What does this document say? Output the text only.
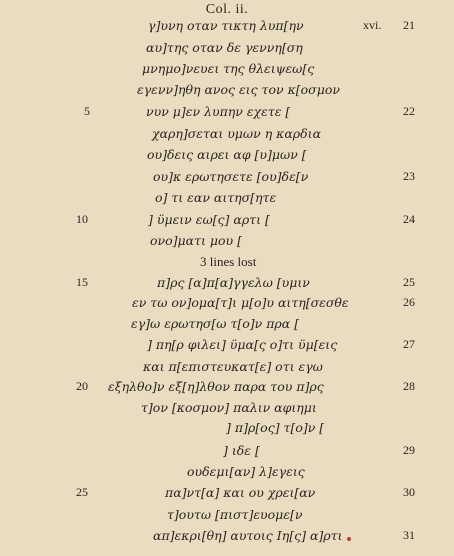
Col. ii.
γ]υνη οταν τικτη λυπ[ην	xvi.	21
αυ]της οταν δε γεννη[ση
μνημο]νευει της θλειψεω[ς
εγενν]ηθη ανος εις τον κ[οσμον
5	νυν μ]εν λυπην εχετε [	22
χαρη]σεται υμων η καρδια
ου]δεις αιρει αφ [υ]μων [
ου]κ ερωτησετε [ου]δε[ν	23
ο] τι εαν αιτησ[ητε
10	] ϋμειν εω[ς] αρτι [	24
ονο]ματι μου [
3 lines lost
15	π]ρς [α]π[α]γγελω [υμιν	25
εν τω ον]ομα[τ]ι μ[ο]υ αιτη[σεσθε	26
εγ]ω ερωτησ[ω τ[ο]ν πρα [
] πη[ρ φιλει] ϋμα[ς ο]τι ϋμ[εις	27
και π[επιστευκατ[ε] οτι εγω
20	εξηλθο]ν εξ[η]λθον παρα του π]ρς	28
τ]ον [κοσμον] παλιν αφιημι
] π]ρ[ος] τ[ο]ν [
] ιδε [	29
ουδεμι[αν] λ]εγεις
25	πα]ντ[α] και ου χρει[αν	30
τ]ουτω [πιστ]ευομε[ν
απ]εκρι[θη] αυτοις Ιη[ς] α]ρτι	31
